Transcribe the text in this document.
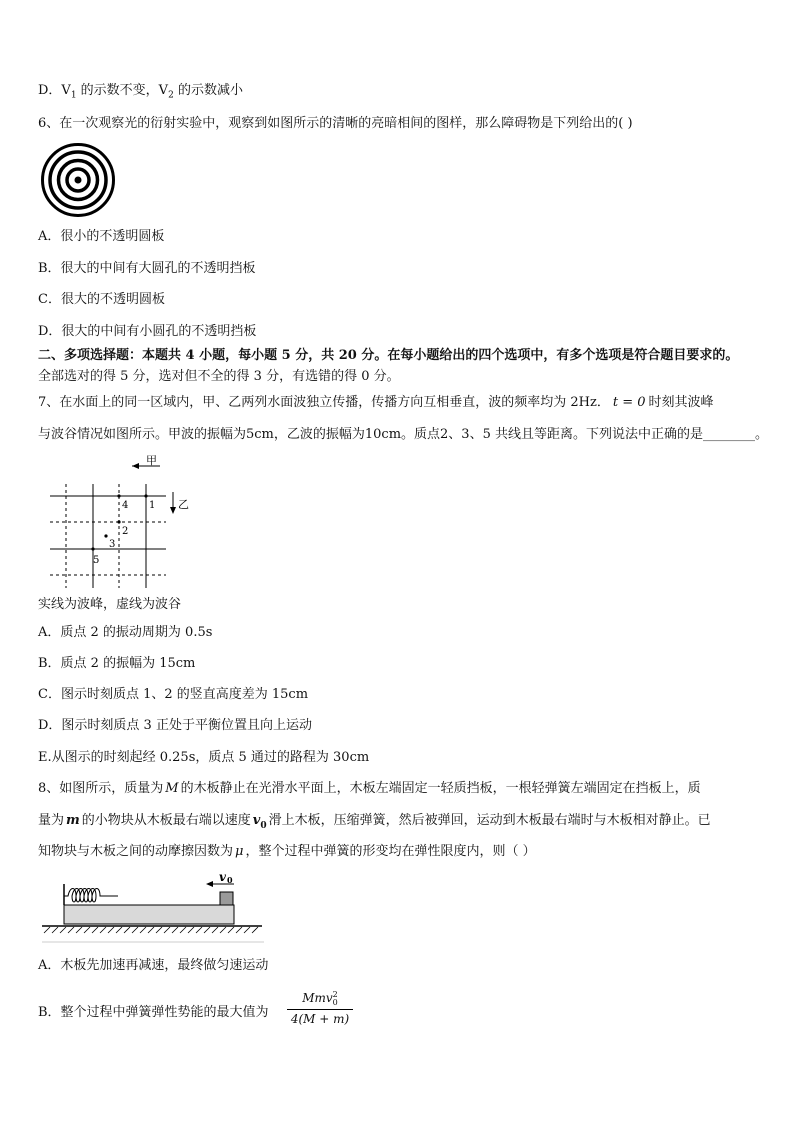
D．$V_1$ 的示数不变，$V_2$ 的示数减小
6、在一次观察光的衍射实验中，观察到如图所示的清晰的亮暗相间的图样，那么障碍物是下列给出的( )
A．很小的不透明圆板
B．很大的中间有大圆孔的不透明挡板
C．很大的不透明圆板
D．很大的中间有小圆孔的不透明挡板
二、多项选择题：本题共 4 小题，每小题 5 分，共 20 分。在每小题给出的四个选项中，有多个选项是符合题目要求的。
全部选对的得 5 分，选对但不全的得 3 分，有选错的得 0 分。
7、在水面上的同一区域内，甲、乙两列水面波独立传播，传播方向互相垂直，波的频率均为 2Hz． t = 0 时刻其波峰
与波谷情况如图所示。甲波的振幅为5cm，乙波的振幅为10cm。质点2、3、5 共线且等距离。下列说法中正确的是________。
甲
乙
1
2
3
4
5
实线为波峰，虚线为波谷
A．质点 2 的振动周期为 0.5s
B．质点 2 的振幅为 15cm
C．图示时刻质点 1、2 的竖直高度差为 15cm
D．图示时刻质点 3 正处于平衡位置且向上运动
E.从图示的时刻起经 0.25s，质点 5 通过的路程为 30cm
8、如图所示，质量为 M 的木板静止在光滑水平面上，木板左端固定一轻质挡板，一根轻弹簧左端固定在挡板上，质
量为 m 的小物块从木板最右端以速度 $v_0$ 滑上木板，压缩弹簧，然后被弹回，运动到木板最右端时与木板相对静止。已
知物块与木板之间的动摩擦因数为 μ ，整个过程中弹簧的形变均在弹性限度内，则（ ）
v 0
A．木板先加速再减速，最终做匀速运动
B．整个过程中弹簧弹性势能的最大值为
Mmv 2
0
4(M + m)
